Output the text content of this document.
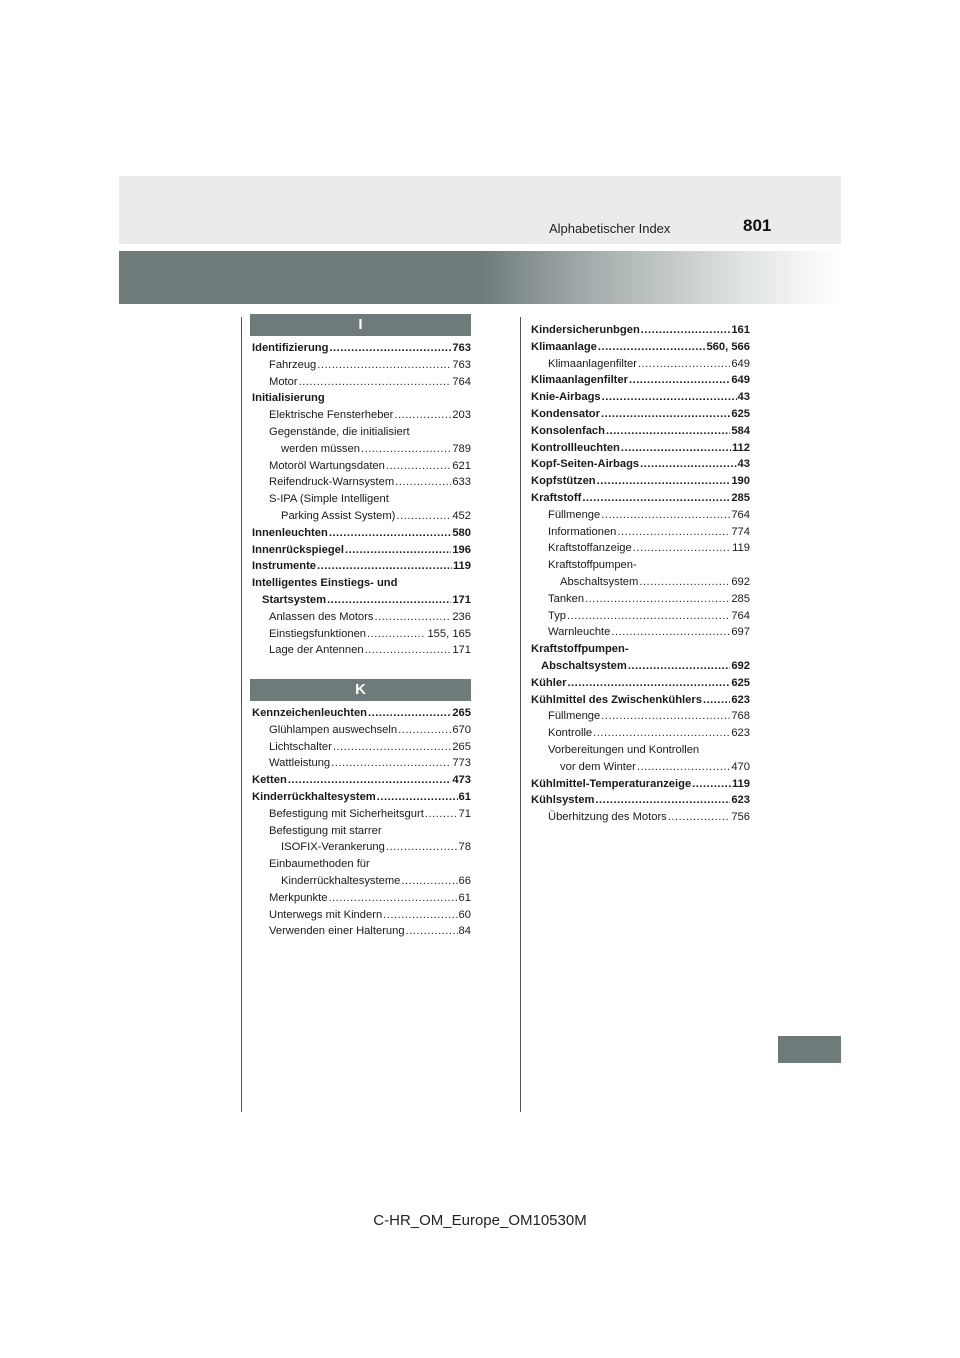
801
Alphabetischer Index
I
Identifizierung .....	763
Fahrzeug .....	763
Motor .....	764
Initialisierung
Elektrische Fensterheber .....	203
Gegenstände, die initialisiert
werden müssen .....	789
Motoröl Wartungsdaten .....	621
Reifendruck-Warnsystem .....	633
S-IPA (Simple Intelligent
Parking Assist System) .....	452
Innenleuchten .....	580
Innenrückspiegel .....	196
Instrumente .....	119
Intelligentes Einstiegs- und
Startsystem .....	171
Anlassen des Motors .....	236
Einstiegsfunktionen .....	155, 165
Lage der Antennen .....	171
K
Kennzeichenleuchten .....	265
Glühlampen auswechseln .....	670
Lichtschalter .....	265
Wattleistung .....	773
Ketten .....	473
Kinderrückhaltesystem .....	61
Befestigung mit Sicherheitsgurt .....	71
Befestigung mit starrer
ISOFIX-Verankerung .....	78
Einbaumethoden für
Kinderrückhaltesysteme .....	66
Merkpunkte .....	61
Unterwegs mit Kindern .....	60
Verwenden einer Halterung .....	84
Kindersicherunbgen .....	161
Klimaanlage .....	560, 566
Klimaanlagenfilter .....	649
Klimaanlagenfilter .....	649
Knie-Airbags .....	43
Kondensator .....	625
Konsolenfach .....	584
Kontrollleuchten .....	112
Kopf-Seiten-Airbags .....	43
Kopfstützen .....	190
Kraftstoff .....	285
Füllmenge .....	764
Informationen .....	774
Kraftstoffanzeige .....	119
Kraftstoffpumpen-
Abschaltsystem .....	692
Tanken .....	285
Typ .....	764
Warnleuchte .....	697
Kraftstoffpumpen-
Abschaltsystem .....	692
Kühler .....	625
Kühlmittel des Zwischenkühlers .....	623
Füllmenge .....	768
Kontrolle .....	623
Vorbereitungen und Kontrollen
vor dem Winter .....	470
Kühlmittel-Temperaturanzeige .....	119
Kühlsystem .....	623
Überhitzung des Motors .....	756
C-HR_OM_Europe_OM10530M
